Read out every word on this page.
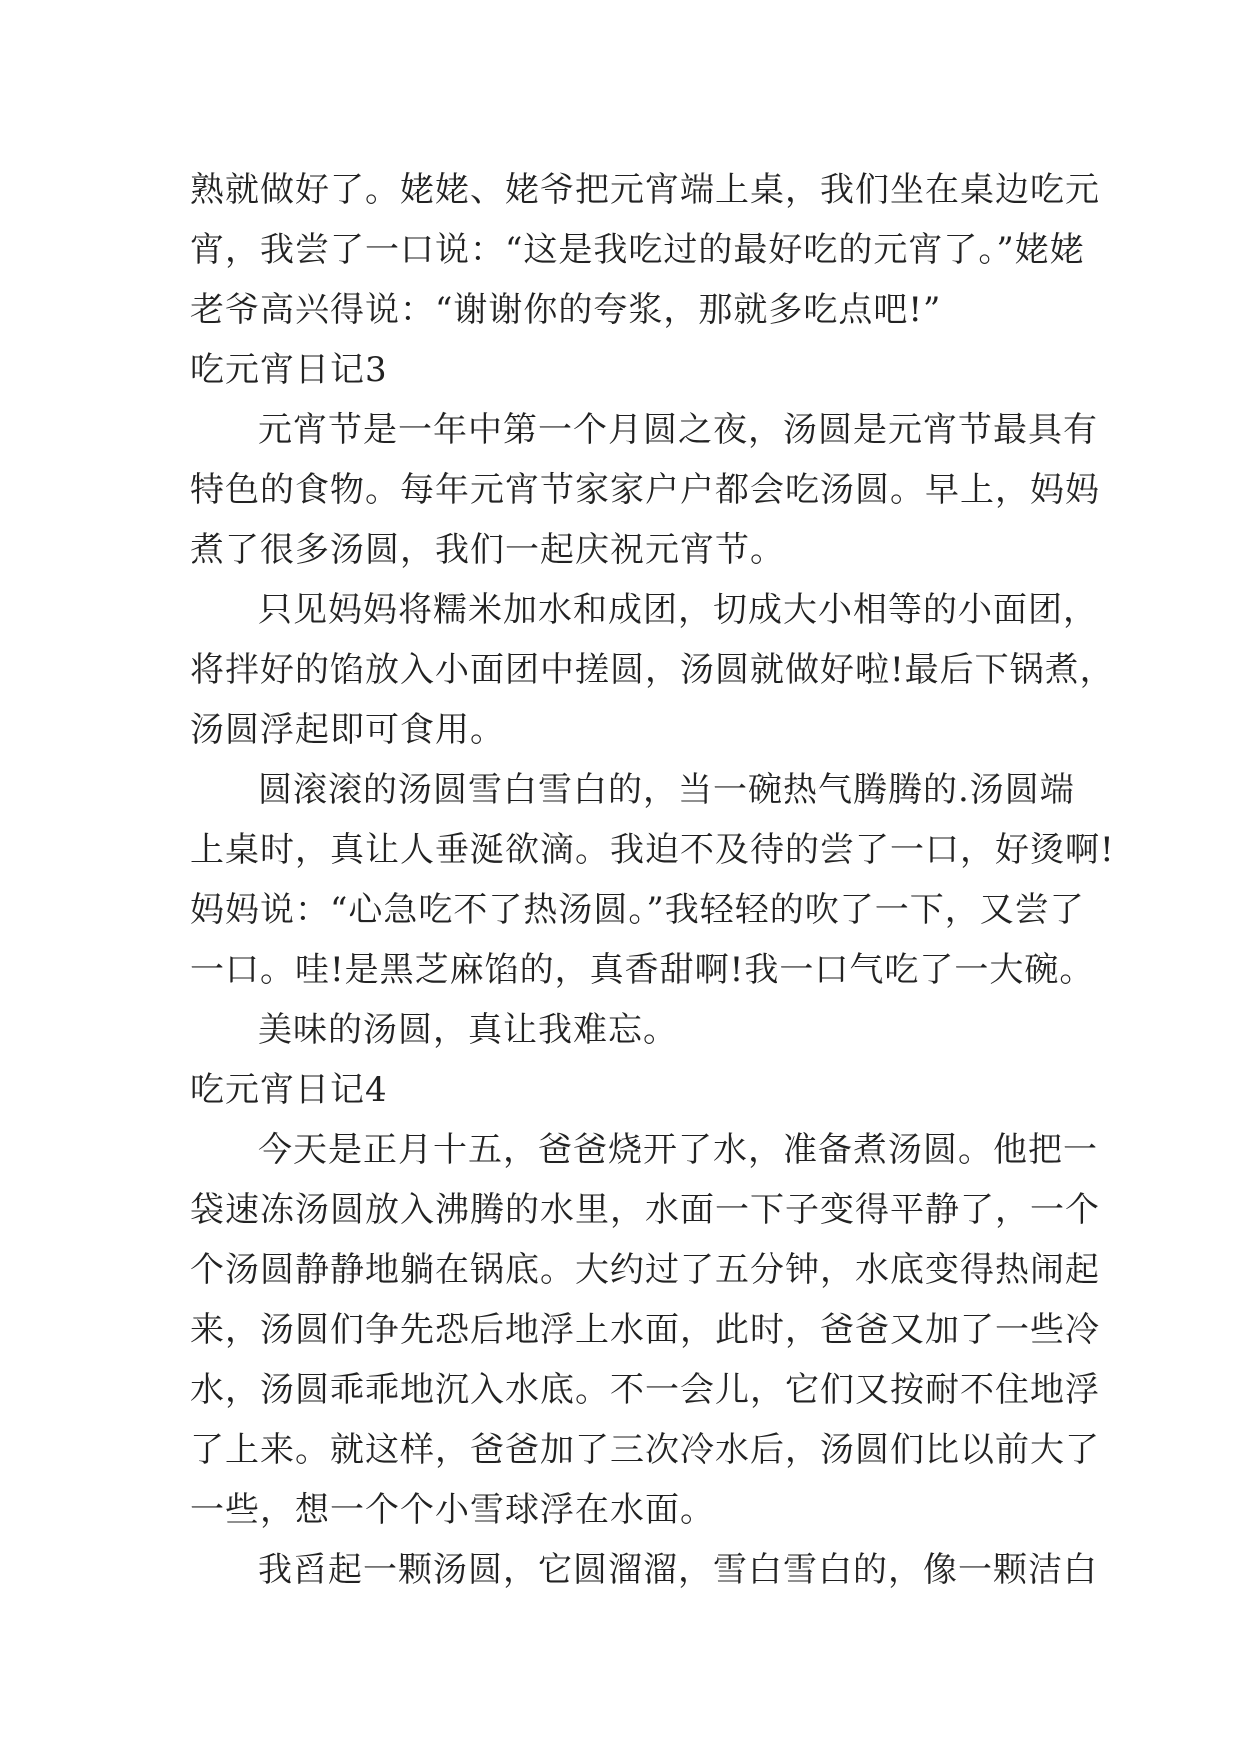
熟就做好了。姥姥、姥爷把元宵端上桌，我们坐在桌边吃元

宵，我尝了一口说：“这是我吃过的最好吃的元宵了。”姥姥

老爷高兴得说：“谢谢你的夸浆，那就多吃点吧!”

吃元宵日记3

元宵节是一年中第一个月圆之夜，汤圆是元宵节最具有

特色的食物。每年元宵节家家户户都会吃汤圆。早上，妈妈

煮了很多汤圆，我们一起庆祝元宵节。

只见妈妈将糯米加水和成团，切成大小相等的小面团，

将拌好的馅放入小面团中搓圆，汤圆就做好啦!最后下锅煮，

汤圆浮起即可食用。

圆滚滚的汤圆雪白雪白的，当一碗热气腾腾的.汤圆端

上桌时，真让人垂涎欲滴。我迫不及待的尝了一口，好烫啊!

妈妈说：“心急吃不了热汤圆。”我轻轻的吹了一下，又尝了

一口。哇!是黑芝麻馅的，真香甜啊!我一口气吃了一大碗。

美味的汤圆，真让我难忘。

吃元宵日记4

今天是正月十五，爸爸烧开了水，准备煮汤圆。他把一

袋速冻汤圆放入沸腾的水里，水面一下子变得平静了，一个

个汤圆静静地躺在锅底。大约过了五分钟，水底变得热闹起

来，汤圆们争先恐后地浮上水面，此时，爸爸又加了一些冷

水，汤圆乖乖地沉入水底。不一会儿，它们又按耐不住地浮

了上来。就这样，爸爸加了三次冷水后，汤圆们比以前大了

一些，想一个个小雪球浮在水面。

我舀起一颗汤圆，它圆溜溜，雪白雪白的，像一颗洁白
